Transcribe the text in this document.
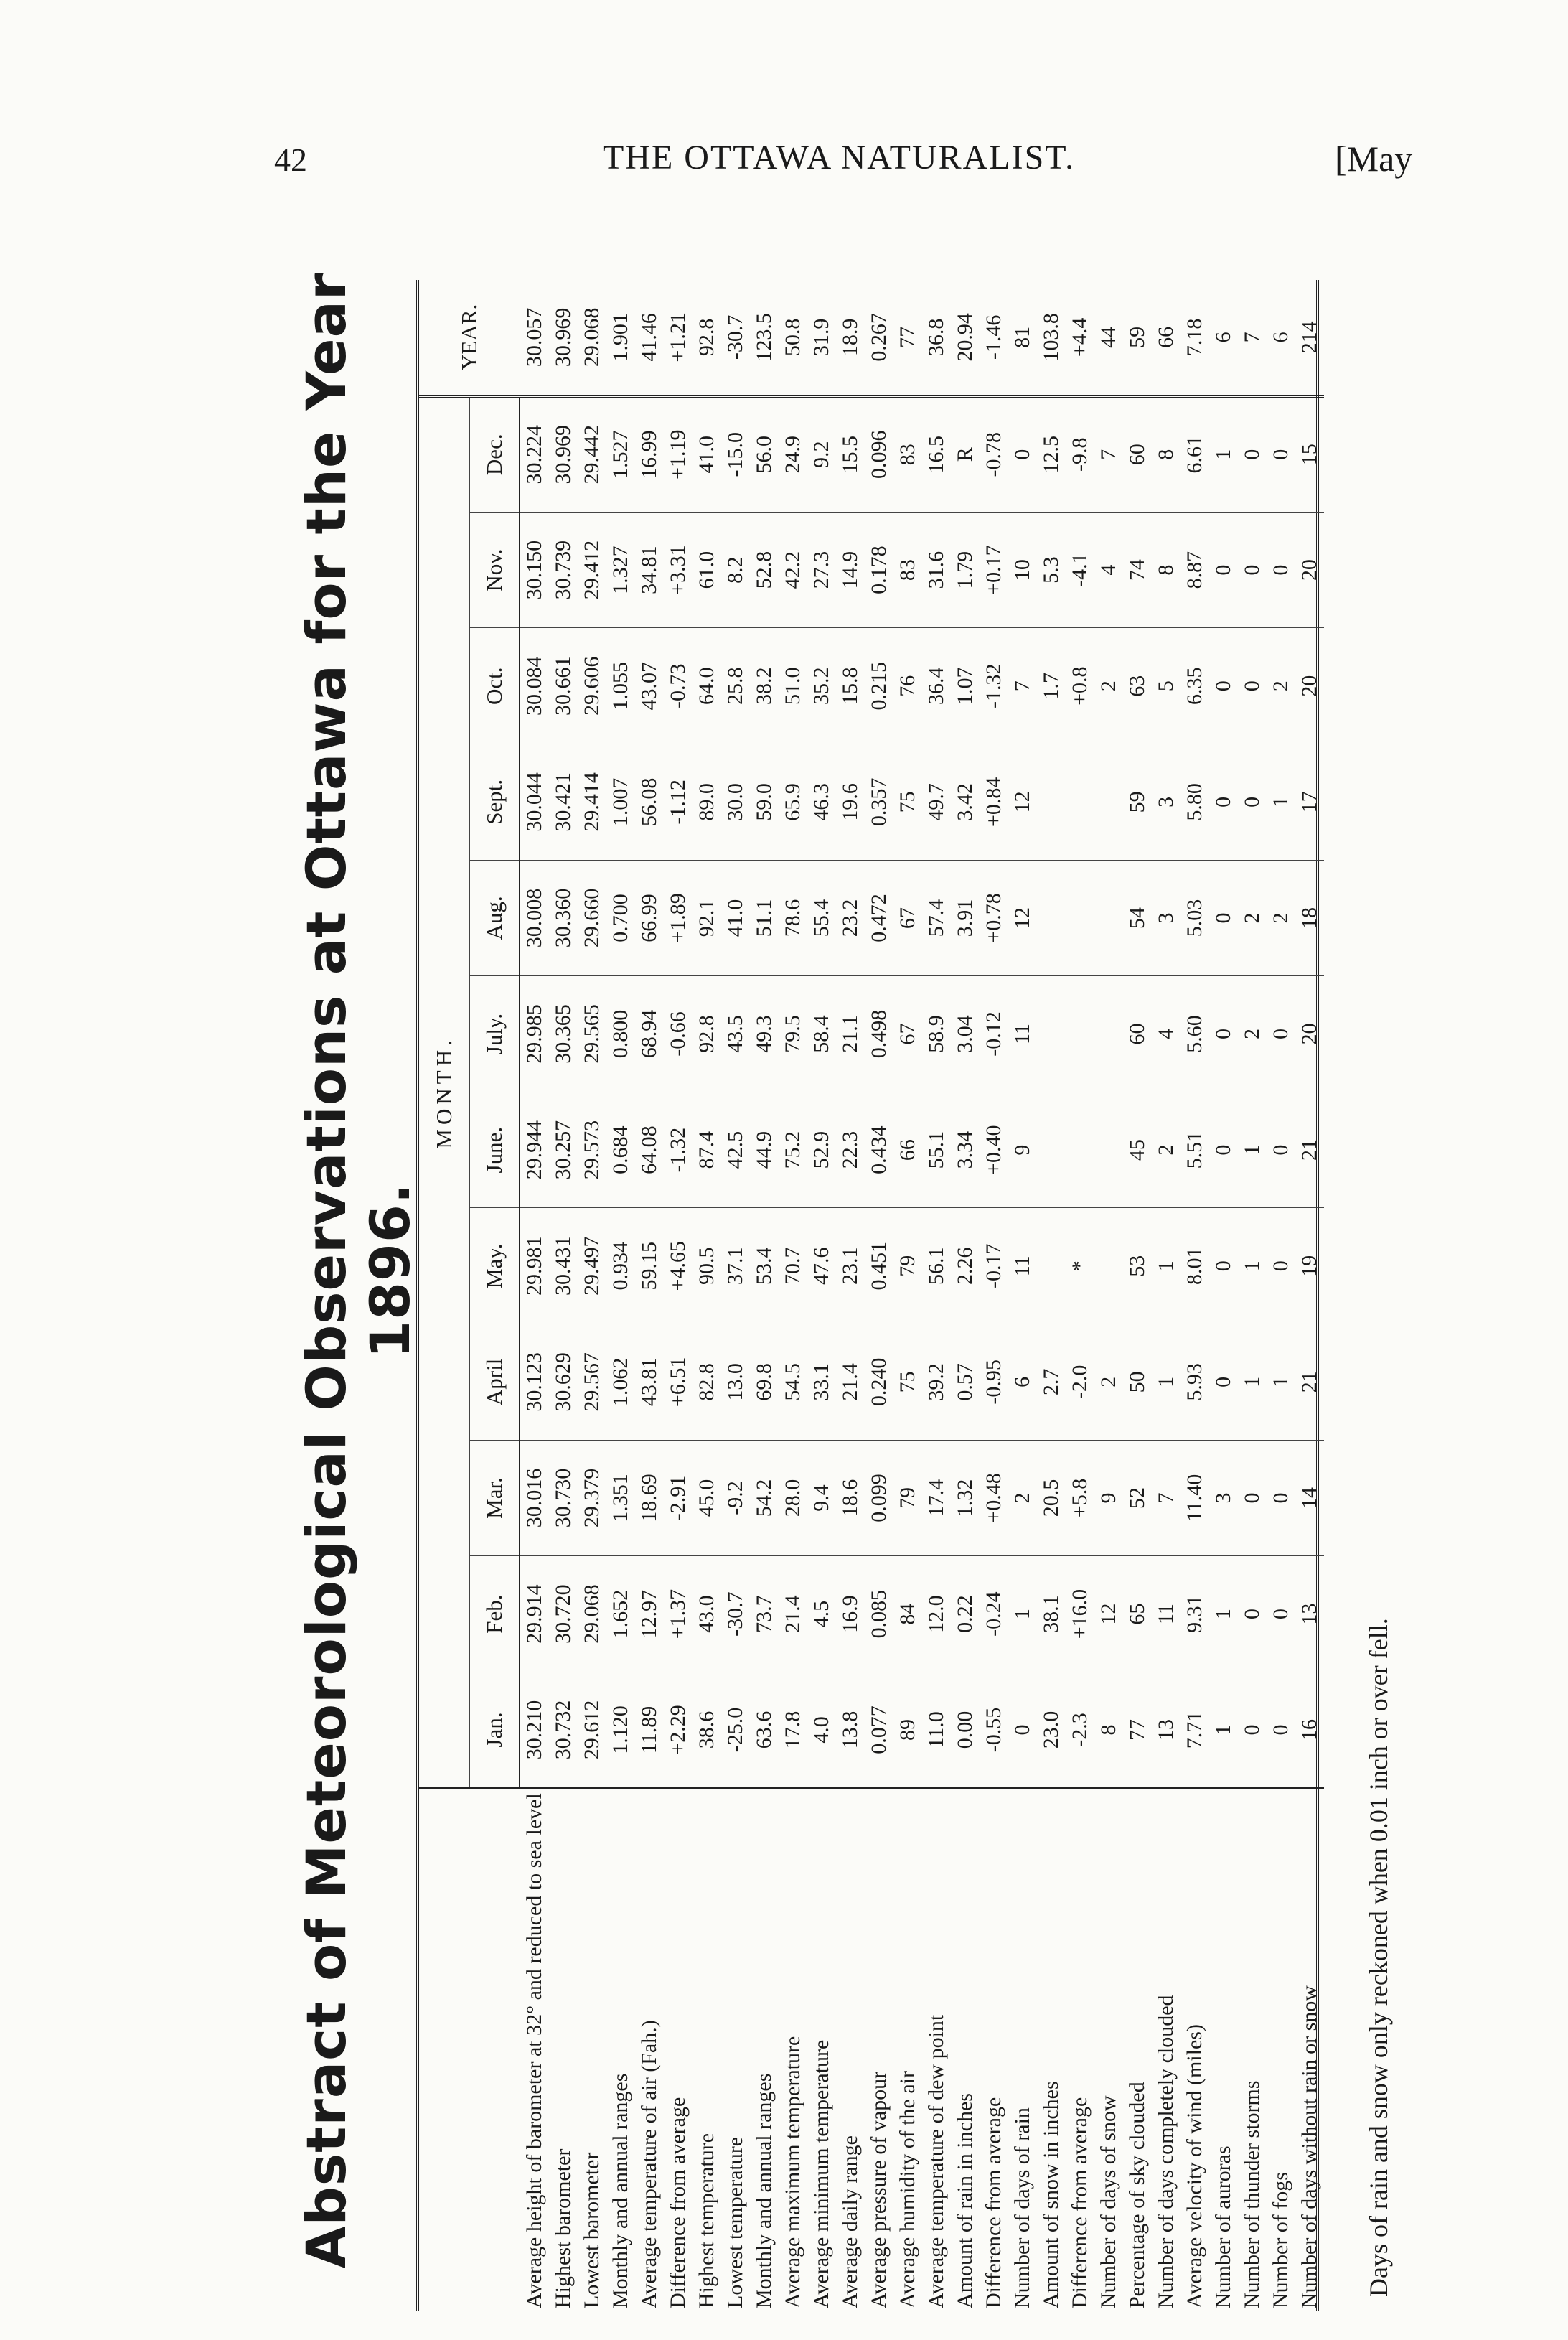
42	THE OTTAWA NATURALIST.	[May
Abstract of Meteorological Observations at Ottawa for the Year 1896.
	MONTH.												YEAR.
	Jan.	Feb.	Mar.	April	May.	June.	July.	Aug.	Sept.	Oct.	Nov.	Dec.	
Average height of barometer at 32° and reduced to sea level	30.210	29.914	30.016	30.123	29.981	29.944	29.985	30.008	30.044	30.084	30.150	30.224	30.057
Highest barometer	30.732	30.720	30.730	30.629	30.431	30.257	30.365	30.360	30.421	30.661	30.739	30.969	30.969
Lowest barometer	29.612	29.068	29.379	29.567	29.497	29.573	29.565	29.660	29.414	29.606	29.412	29.442	29.068
Monthly and annual ranges	1.120	1.652	1.351	1.062	0.934	0.684	0.800	0.700	1.007	1.055	1.327	1.527	1.901
Average temperature of air (Fah.)	11.89	12.97	18.69	43.81	59.15	64.08	68.94	66.99	56.08	43.07	34.81	16.99	41.46
Difference from average	+2.29	+1.37	-2.91	+6.51	+4.65	-1.32	-0.66	+1.89	-1.12	-0.73	+3.31	+1.19	+1.21
Highest temperature	38.6	43.0	45.0	82.8	90.5	87.4	92.8	92.1	89.0	64.0	61.0	41.0	92.8
Lowest temperature	-25.0	-30.7	-9.2	13.0	37.1	42.5	43.5	41.0	30.0	25.8	8.2	-15.0	-30.7
Monthly and annual ranges	63.6	73.7	54.2	69.8	53.4	44.9	49.3	51.1	59.0	38.2	52.8	56.0	123.5
Average maximum temperature	17.8	21.4	28.0	54.5	70.7	75.2	79.5	78.6	65.9	51.0	42.2	24.9	50.8
Average minimum temperature	4.0	4.5	9.4	33.1	47.6	52.9	58.4	55.4	46.3	35.2	27.3	9.2	31.9
Average daily range	13.8	16.9	18.6	21.4	23.1	22.3	21.1	23.2	19.6	15.8	14.9	15.5	18.9
Average pressure of vapour	0.077	0.085	0.099	0.240	0.451	0.434	0.498	0.472	0.357	0.215	0.178	0.096	0.267
Average humidity of the air	89	84	79	75	79	66	67	67	75	76	83	83	77
Average temperature of dew point	11.0	12.0	17.4	39.2	56.1	55.1	58.9	57.4	49.7	36.4	31.6	16.5	36.8
Amount of rain in inches	0.00	0.22	1.32	0.57	2.26	3.34	3.04	3.91	3.42	1.07	1.79	R	20.94
Difference from average	-0.55	-0.24	+0.48	-0.95	-0.17	+0.40	-0.12	+0.78	+0.84	-1.32	+0.17	-0.78	-1.46
Number of days of rain	0	1	2	6	11	9	11	12	12	7	10	0	81
Amount of snow in inches	23.0	38.1	20.5	2.7						1.7	5.3	12.5	103.8
Difference from average	-2.3	+16.0	+5.8	-2.0	*					+0.8	-4.1	-9.8	+4.4
Number of days of snow	8	12	9	2						2	4	7	44
Percentage of sky clouded	77	65	52	50	53	45	60	54	59	63	74	60	59
Number of days completely clouded	13	11	7	1	1	2	4	3	3	5	8	8	66
Average velocity of wind (miles)	7.71	9.31	11.40	5.93	8.01	5.51	5.60	5.03	5.80	6.35	8.87	6.61	7.18
Number of auroras	1	1	3	0	0	0	0	0	0	0	0	1	6
Number of thunder storms	0	0	0	1	1	1	2	2	0	0	0	0	7
Number of fogs	0	0	0	1	0	0	0	2	1	2	0	0	6
Number of days without rain or snow	16	13	14	21	19	21	20	18	17	20	20	15	214
Days of rain and snow only reckoned when 0.01 inch or over fell.
